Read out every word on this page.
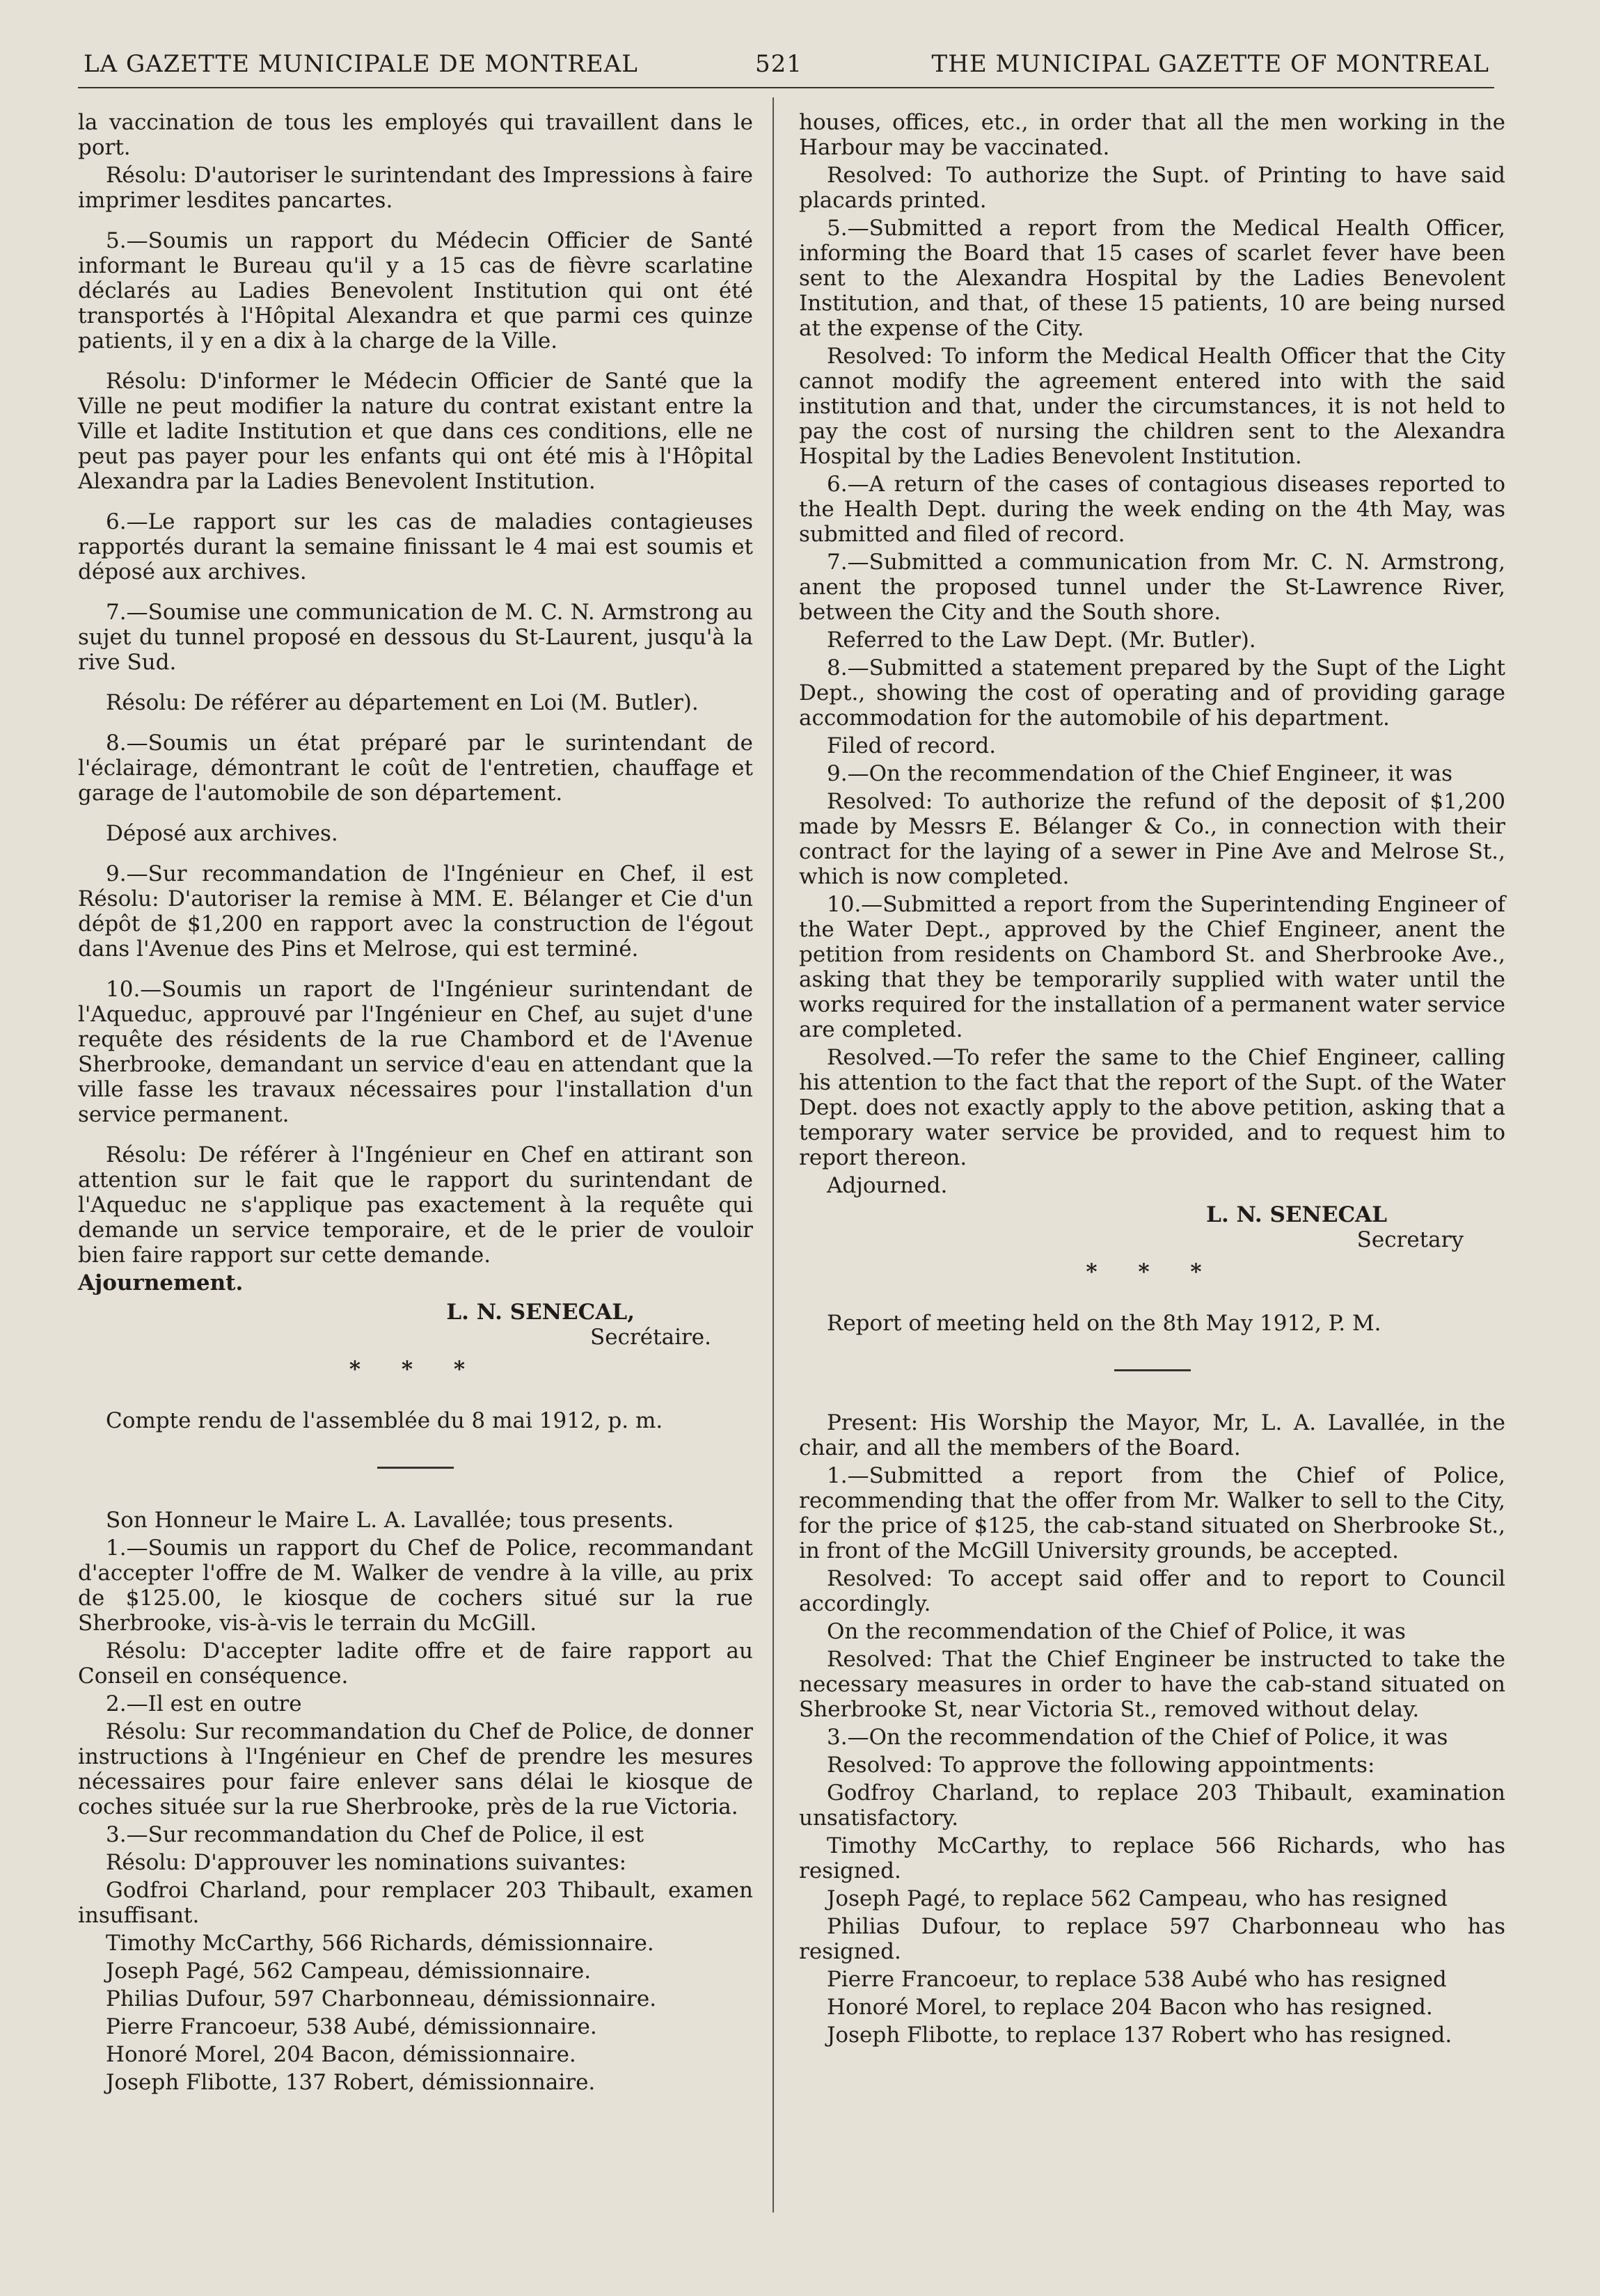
LA GAZETTE MUNICIPALE DE MONTREAL	521	THE MUNICIPAL GAZETTE OF MONTREAL

la vaccination de tous les employés qui travaillent dans le port.

Résolu: D'autoriser le surintendant des Impressions à faire imprimer lesdites pancartes.

5.—Soumis un rapport du Médecin Officier de Santé informant le Bureau qu'il y a 15 cas de fièvre scarlatine déclarés au Ladies Benevolent Institution qui ont été transportés à l'Hôpital Alexandra et que parmi ces quinze patients, il y en a dix à la charge de la Ville.

Résolu: D'informer le Médecin Officier de Santé que la Ville ne peut modifier la nature du contrat existant entre la Ville et ladite Institution et que dans ces conditions, elle ne peut pas payer pour les enfants qui ont été mis à l'Hôpital Alexandra par la Ladies Benevolent Institution.

6.—Le rapport sur les cas de maladies contagieuses rapportés durant la semaine finissant le 4 mai est soumis et déposé aux archives.

7.—Soumise une communication de M. C. N. Armstrong au sujet du tunnel proposé en dessous du St-Laurent, jusqu'à la rive Sud.

Résolu: De référer au département en Loi (M. Butler).

8.—Soumis un état préparé par le surintendant de l'éclairage, démontrant le coût de l'entretien, chauffage et garage de l'automobile de son département.

Déposé aux archives.

9.—Sur recommandation de l'Ingénieur en Chef, il est Résolu: D'autoriser la remise à MM. E. Bélanger et Cie d'un dépôt de $1,200 en rapport avec la construction de l'égout dans l'Avenue des Pins et Melrose, qui est terminé.

10.—Soumis un raport de l'Ingénieur surintendant de l'Aqueduc, approuvé par l'Ingénieur en Chef, au sujet d'une requête des résidents de la rue Chambord et de l'Avenue Sherbrooke, demandant un service d'eau en attendant que la ville fasse les travaux nécessaires pour l'installation d'un service permanent.

Résolu: De référer à l'Ingénieur en Chef en attirant son attention sur le fait que le rapport du surintendant de l'Aqueduc ne s'applique pas exactement à la requête qui demande un service temporaire, et de le prier de vouloir bien faire rapport sur cette demande.

Ajournement.

L. N. SENECAL,

Secrétaire.

* * *

Compte rendu de l'assemblée du 8 mai 1912, p. m.

Son Honneur le Maire L. A. Lavallée; tous presents.

1.—Soumis un rapport du Chef de Police, recommandant d'accepter l'offre de M. Walker de vendre à la ville, au prix de $125.00, le kiosque de cochers situé sur la rue Sherbrooke, vis-à-vis le terrain du McGill.

Résolu: D'accepter ladite offre et de faire rapport au Conseil en conséquence.

2.—Il est en outre

Résolu: Sur recommandation du Chef de Police, de donner instructions à l'Ingénieur en Chef de prendre les mesures nécessaires pour faire enlever sans délai le kiosque de coches située sur la rue Sherbrooke, près de la rue Victoria.

3.—Sur recommandation du Chef de Police, il est

Résolu: D'approuver les nominations suivantes:

Godfroi Charland, pour remplacer 203 Thibault, examen insuffisant.

Timothy McCarthy, 566 Richards, démissionnaire.

Joseph Pagé, 562 Campeau, démissionnaire.

Philias Dufour, 597 Charbonneau, démissionnaire.

Pierre Francoeur, 538 Aubé, démissionnaire.

Honoré Morel, 204 Bacon, démissionnaire.

Joseph Flibotte, 137 Robert, démissionnaire.

houses, offices, etc., in order that all the men working in the Harbour may be vaccinated.

Resolved: To authorize the Supt. of Printing to have said placards printed.

5.—Submitted a report from the Medical Health Officer, informing the Board that 15 cases of scarlet fever have been sent to the Alexandra Hospital by the Ladies Benevolent Institution, and that, of these 15 patients, 10 are being nursed at the expense of the City.

Resolved: To inform the Medical Health Officer that the City cannot modify the agreement entered into with the said institution and that, under the circumstances, it is not held to pay the cost of nursing the children sent to the Alexandra Hospital by the Ladies Benevolent Institution.

6.—A return of the cases of contagious diseases reported to the Health Dept. during the week ending on the 4th May, was submitted and filed of record.

7.—Submitted a communication from Mr. C. N. Armstrong, anent the proposed tunnel under the St-Lawrence River, between the City and the South shore.

Referred to the Law Dept. (Mr. Butler).

8.—Submitted a statement prepared by the Supt of the Light Dept., showing the cost of operating and of providing garage accommodation for the automobile of his department.

Filed of record.

9.—On the recommendation of the Chief Engineer, it was

Resolved: To authorize the refund of the deposit of $1,200 made by Messrs E. Bélanger & Co., in connection with their contract for the laying of a sewer in Pine Ave and Melrose St., which is now completed.

10.—Submitted a report from the Superintending Engineer of the Water Dept., approved by the Chief Engineer, anent the petition from residents on Chambord St. and Sherbrooke Ave., asking that they be temporarily supplied with water until the works required for the installation of a permanent water service are completed.

Resolved.—To refer the same to the Chief Engineer, calling his attention to the fact that the report of the Supt. of the Water Dept. does not exactly apply to the above petition, asking that a temporary water service be provided, and to request him to report thereon.

Adjourned.

L. N. SENECAL

Secretary

* * *

Report of meeting held on the 8th May 1912, P. M.

Present: His Worship the Mayor, Mr, L. A. Lavallée, in the chair, and all the members of the Board.

1.—Submitted a report from the Chief of Police, recommending that the offer from Mr. Walker to sell to the City, for the price of $125, the cab-stand situated on Sherbrooke St., in front of the McGill University grounds, be accepted.

Resolved: To accept said offer and to report to Council accordingly.

On the recommendation of the Chief of Police, it was

Resolved: That the Chief Engineer be instructed to take the necessary measures in order to have the cab-stand situated on Sherbrooke St, near Victoria St., removed without delay.

3.—On the recommendation of the Chief of Police, it was

Resolved: To approve the following appointments:

Godfroy Charland, to replace 203 Thibault, examination unsatisfactory.

Timothy McCarthy, to replace 566 Richards, who has resigned.

Joseph Pagé, to replace 562 Campeau, who has resigned

Philias Dufour, to replace 597 Charbonneau who has resigned.

Pierre Francoeur, to replace 538 Aubé who has resigned

Honoré Morel, to replace 204 Bacon who has resigned.

Joseph Flibotte, to replace 137 Robert who has resigned.
